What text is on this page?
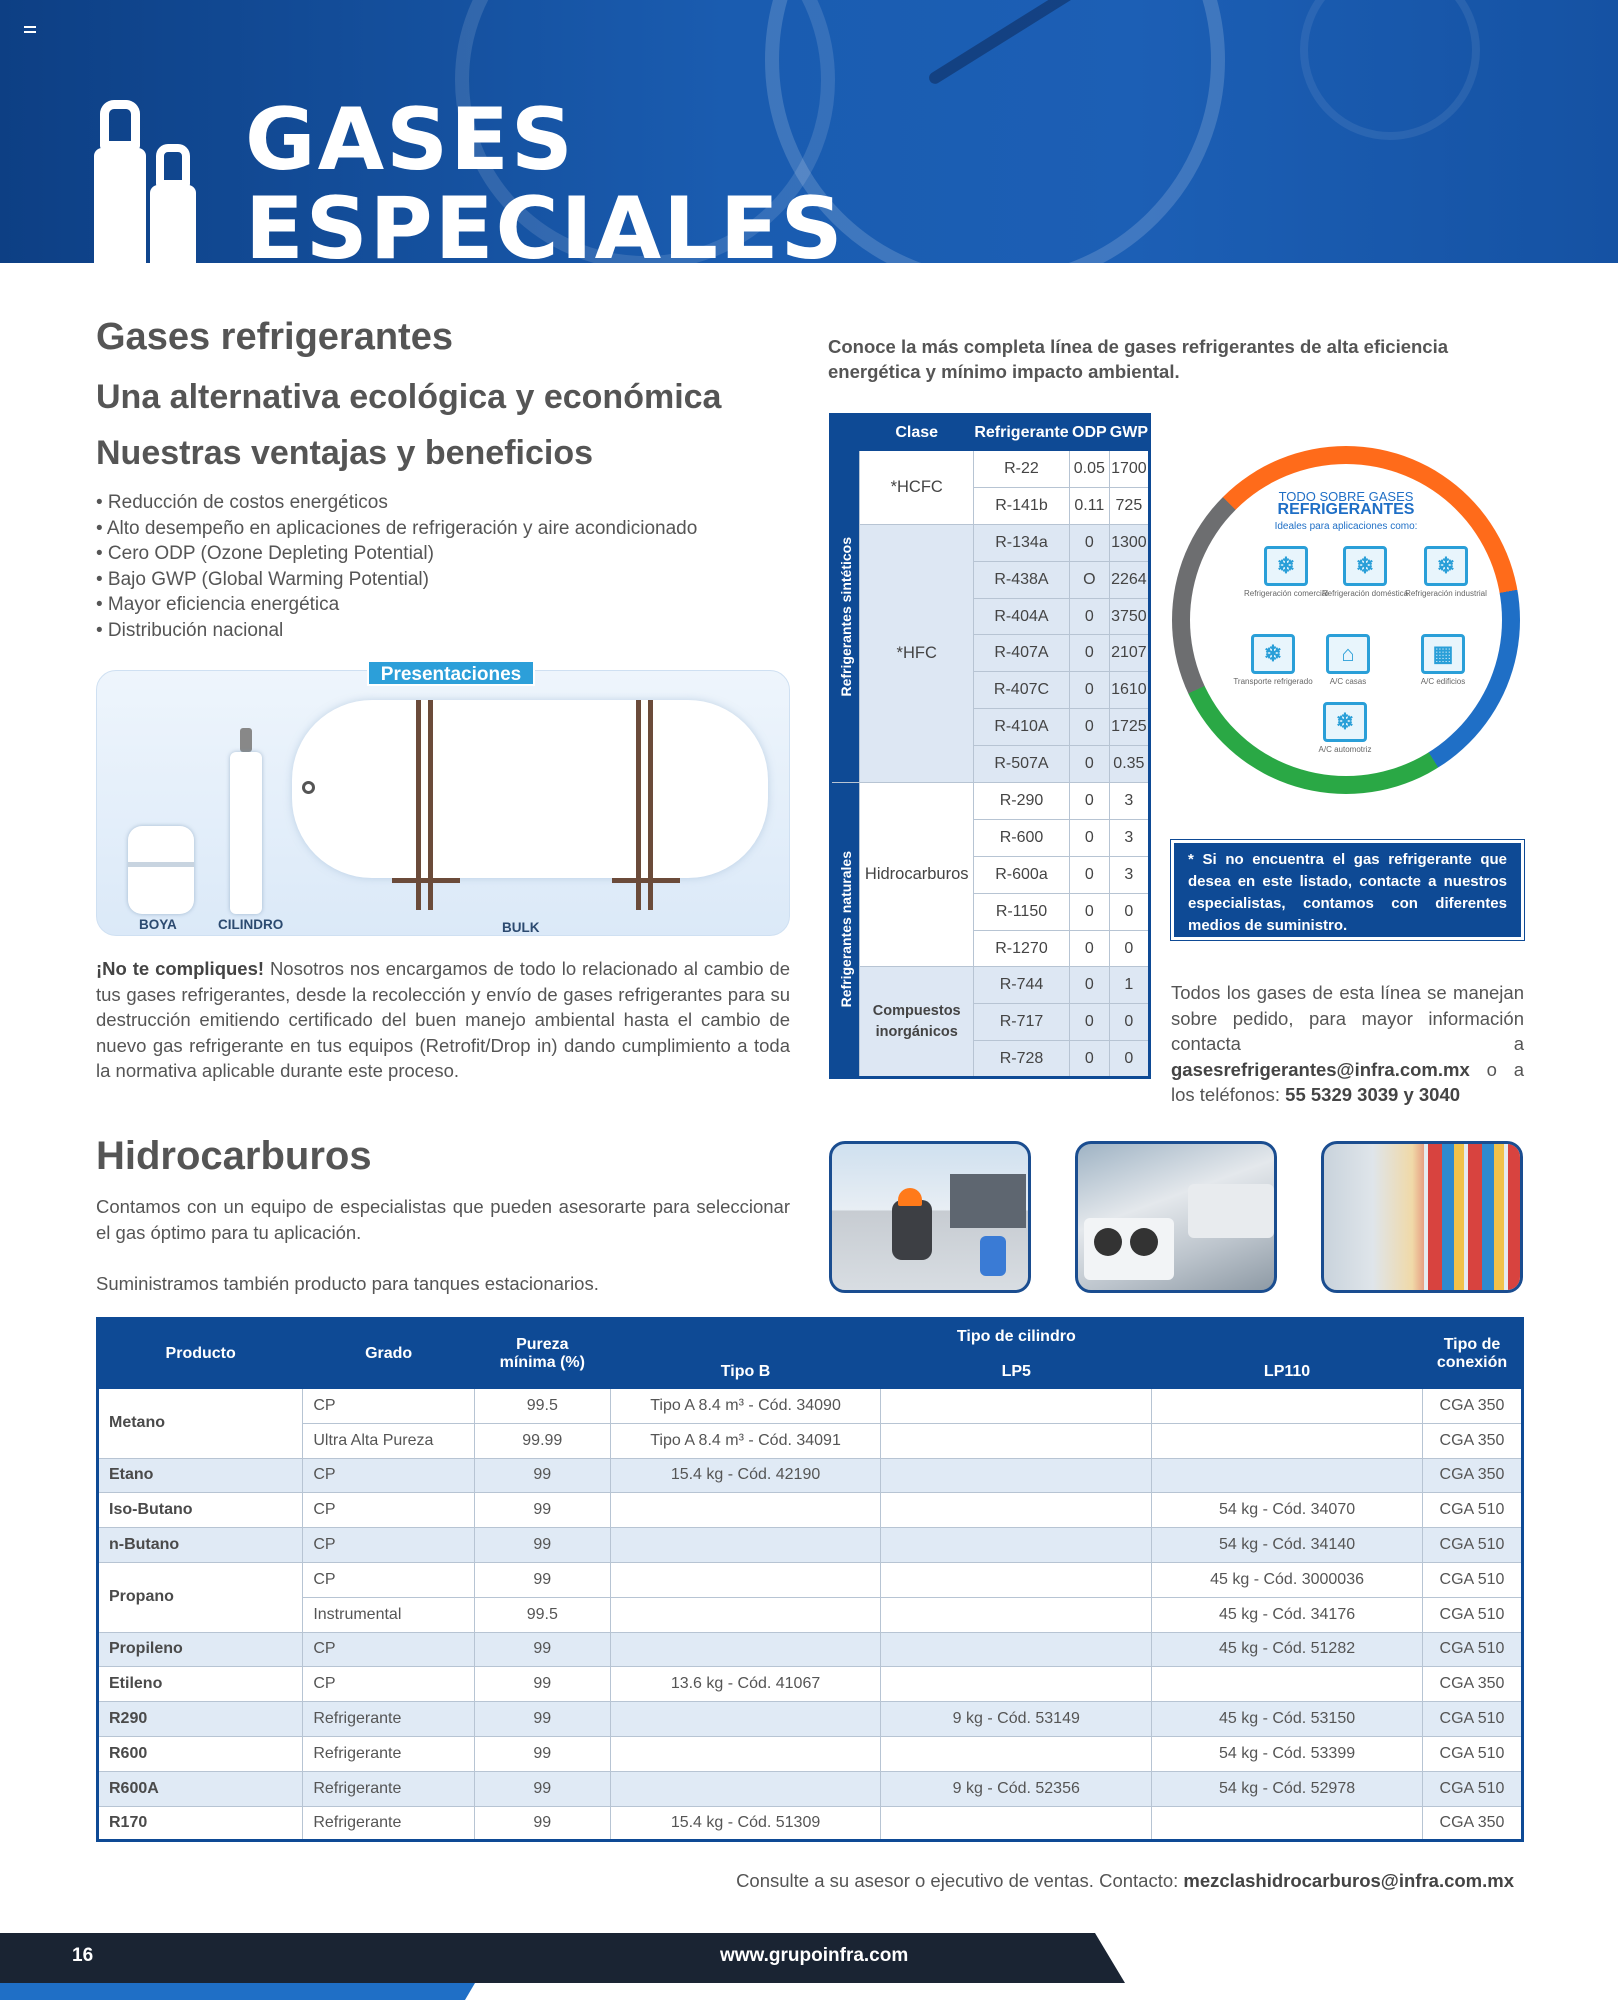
GASES
ESPECIALES
Gases refrigerantes
Una alternativa ecológica y económica
Nuestras ventajas y beneficios
• Reducción de costos energéticos
• Alto desempeño en aplicaciones de refrigeración y aire acondicionado
• Cero ODP (Ozone Depleting Potential)
• Bajo GWP (Global Warming Potential)
• Mayor eficiencia energética
• Distribución nacional
Conoce la más completa línea de gases refrigerantes de alta eficiencia energética y mínimo impacto ambiental.
Presentaciones
BOYA	CILINDRO	BULK
¡No te compliques! Nosotros nos encargamos de todo lo relacionado al cambio de tus gases refrigerantes, desde la recolección y envío de gases refrigerantes para su destrucción emitiendo certificado del buen manejo ambiental hasta el cambio de nuevo gas refrigerante en tus equipos (Retrofit/Drop in) dando cumplimiento a toda la normativa aplicable durante este proceso.
	Clase	Refrigerante	ODP	GWP

Refrigerantes sintéticos	*HCFC	R-22	0.05	1700
		R-141b	0.11	725
	*HFC	R-134a	0	1300
		R-438A	O	2264
		R-404A	0	3750
		R-407A	0	2107
		R-407C	0	1610
		R-410A	0	1725
		R-507A	0	0.35

Refrigerantes naturales	Hidrocarburos	R-290	0	3
		R-600	0	3
		R-600a	0	3
		R-1150	0	0
		R-1270	0	0
	Compuestos inorgánicos	R-744	0	1
		R-717	0	0
		R-728	0	0
TODO SOBRE GASES
REFRIGERANTES
Ideales para aplicaciones como:
❄
Refrigeración comercial
❄
Refrigeración doméstica
❄
Refrigeración industrial
❄
Transporte refrigerado
⌂
A/C casas
▦
A/C edificios
❄
A/C automotriz
* Si no encuentra el gas refrigerante que desea en este listado, contacte a nuestros especialistas, contamos con diferentes medios de suministro.
Todos los gases de esta línea se manejan sobre pedido, para mayor información contacta a gasesrefrigerantes@infra.com.mx o a los teléfonos: 55 5329 3039 y 3040
Hidrocarburos
Contamos con un equipo de especialistas que pueden asesorarte para seleccionar el gas óptimo para tu aplicación.
Suministramos también producto para tanques estacionarios.
Producto	Grado	Pureza mínima (%)	Tipo de cilindro			Tipo de conexión
			Tipo B	LP5	LP110	
Metano	CP	99.5	Tipo A 8.4 m³ - Cód. 34090			CGA 350
	Ultra Alta Pureza	99.99	Tipo A 8.4 m³ - Cód. 34091			CGA 350
Etano	CP	99	15.4 kg - Cód. 42190			CGA 350
Iso-Butano	CP	99			54 kg - Cód. 34070	CGA 510
n-Butano	CP	99			54 kg - Cód. 34140	CGA 510
Propano	CP	99			45 kg - Cód. 3000036	CGA 510
	Instrumental	99.5			45 kg - Cód. 34176	CGA 510
Propileno	CP	99			45 kg - Cód. 51282	CGA 510
Etileno	CP	99	13.6 kg - Cód. 41067			CGA 350
R290	Refrigerante	99		9 kg - Cód. 53149	45 kg - Cód. 53150	CGA 510
R600	Refrigerante	99			54 kg - Cód. 53399	CGA 510
R600A	Refrigerante	99		9 kg - Cód. 52356	54 kg - Cód. 52978	CGA 510
R170	Refrigerante	99	15.4 kg - Cód. 51309			CGA 350
Consulte a su asesor o ejecutivo de ventas. Contacto: mezclashidrocarburos@infra.com.mx
16	www.grupoinfra.com
